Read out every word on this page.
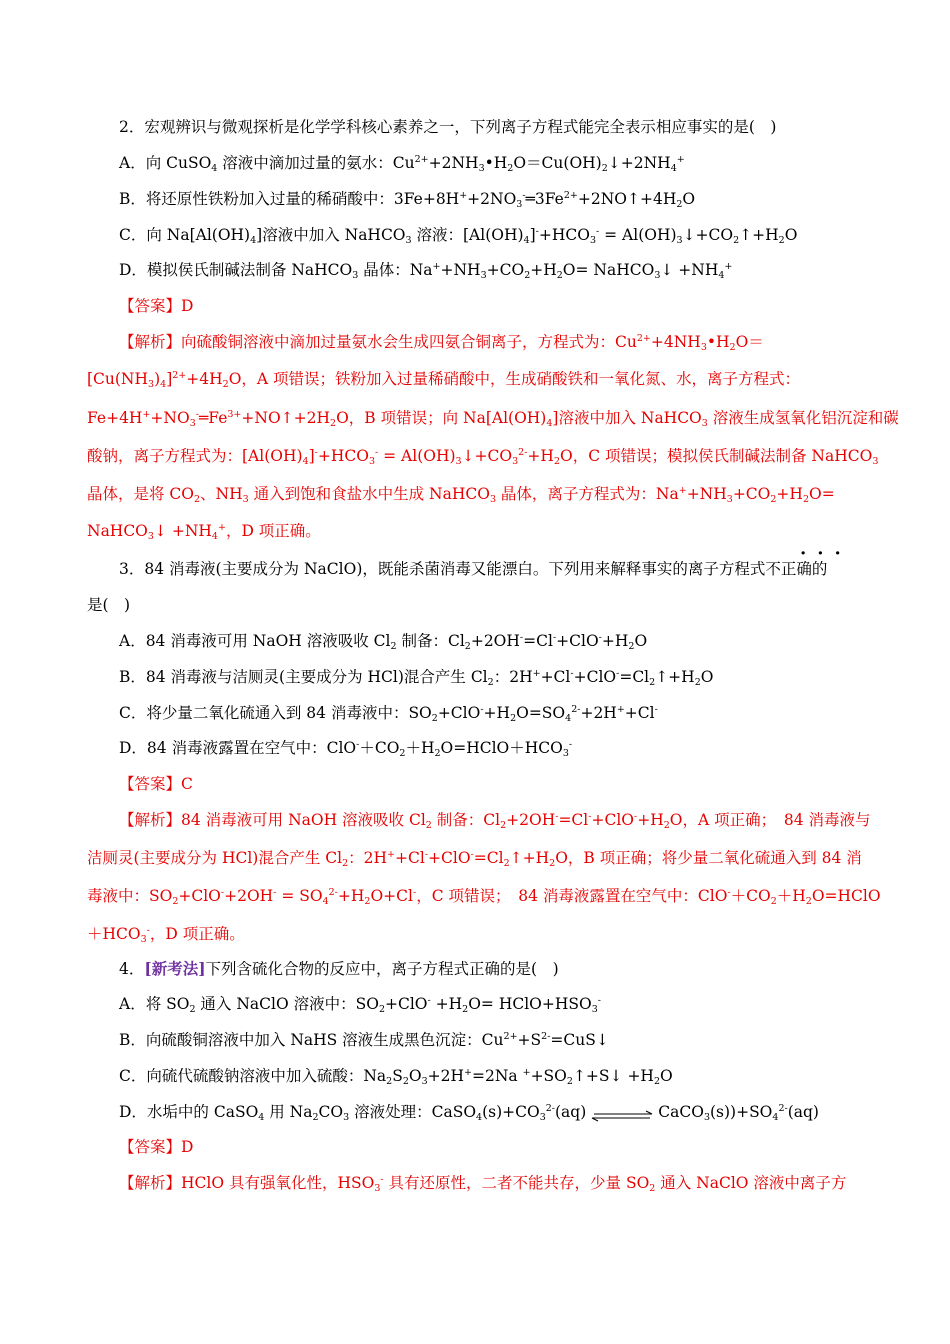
2．宏观辨识与微观探析是化学学科核心素养之一，下列离子方程式能完全表示相应事实的是(　)
A．向 CuSO$_4$ 溶液中滴加过量的氨水：$Cu^{2+}+2NH_3•H_2O=Cu(OH)_2↓+2NH_4^+$
B．将还原性铁粉加入过量的稀硝酸中：$3Fe+8H^++2NO_3^-═3Fe^{2+}+2NO↑+4H_2O$
C．向 $Na[Al(OH)_4]$溶液中加入 NaHCO$_3$ 溶液：$[Al(OH)_4]^-+HCO_3^-$ = $Al(OH)_3↓+CO_2↑+H_2O$
D．模拟侯氏制碱法制备 NaHCO$_3$ 晶体：$Na^++NH_3+CO_2+H_2O=$ NaHCO$_3$↓ $+NH_4^+$
【答案】D
【解析】向硫酸铜溶液中滴加过量氨水会生成四氨合铜离子，方程式为：$Cu^{2+}+4NH_3•H_2O=$
$[Cu(NH_3)_4]^{2+}+4H_2O$，A 项错误；铁粉加入过量稀硝酸中，生成硝酸铁和一氧化氮、水，离子方程式：
$Fe+4H^++NO_3^-═Fe^{3+}+NO↑+2H_2O$，B 项错误；向 $Na[Al(OH)_4]$溶液中加入 NaHCO$_3$ 溶液生成氢氧化铝沉淀和碳
酸钠，离子方程式为：$[Al(OH)_4]^-+HCO_3^-$ = $Al(OH)_3↓+CO_3^{2-}+H_2O$，C 项错误；模拟侯氏制碱法制备 NaHCO$_3$
晶体，是将 $CO_2$、$NH_3$ 通入到饱和食盐水中生成 NaHCO$_3$ 晶体，离子方程式为：$Na^++NH_3+CO_2+H_2O=$
NaHCO$_3$↓ $+NH_4^+$，D 项正确。
···
3．84 消毒液(主要成分为 NaClO)，既能杀菌消毒又能漂白。下列用来解释事实的离子方程式不正确的
是(　)
A．84 消毒液可用 NaOH 溶液吸收 $Cl_2$ 制备：$Cl_2+2OH^-=Cl^-+ClO^-+H_2O$
B．84 消毒液与洁厕灵(主要成分为 HCl)混合产生 $Cl_2$：$2H^++Cl^-+ClO^-=Cl_2↑+H_2O$
C．将少量二氧化硫通入到 84 消毒液中：$SO_2+ClO^-+H_2O=SO_4^{2-}+2H^++Cl^-$
D．84 消毒液露置在空气中：$ClO^-+CO_2+H_2O=HClO+HCO_3^-$
【答案】C
【解析】84 消毒液可用 NaOH 溶液吸收 $Cl_2$ 制备：$Cl_2+2OH^-=Cl^-+ClO^-+H_2O$，A 项正确；　84 消毒液与
洁厕灵(主要成分为 HCl)混合产生 $Cl_2$：$2H^++Cl^-+ClO^-=Cl_2↑+H_2O$，B 项正确；将少量二氧化硫通入到 84 消
毒液中：$SO_2+ClO^-+2OH^- = SO_4^{2-}+H_2O+Cl^-$，C 项错误；　84 消毒液露置在空气中：$ClO^-+CO_2+H_2O=HClO$
$+HCO_3^-$，D 项正确。
4．[新考法]下列含硫化合物的反应中，离子方程式正确的是(　)
A．将 $SO_2$ 通入 NaClO 溶液中：$SO_2+ClO^- +H_2O=$ $HClO+HSO_3^-$
B．向硫酸铜溶液中加入 NaHS 溶液生成黑色沉淀：$Cu^{2+}+S^{2-}=CuS↓$
C．向硫代硫酸钠溶液中加入硫酸：$Na_2S_2O_3+2H^+=2Na$ $^++SO_2↑+S↓ +H_2O$
D．水垢中的 CaSO$_4$ 用 $Na_2CO_3$ 溶液处理：$CaSO_4(s)+CO_3^{2-}(aq)$	$CaCO_3(s))+SO_4^{2-}(aq)$
【答案】D
【解析】HClO 具有强氧化性，$HSO_3^-$ 具有还原性，二者不能共存，少量 $SO_2$ 通入 NaClO 溶液中离子方
